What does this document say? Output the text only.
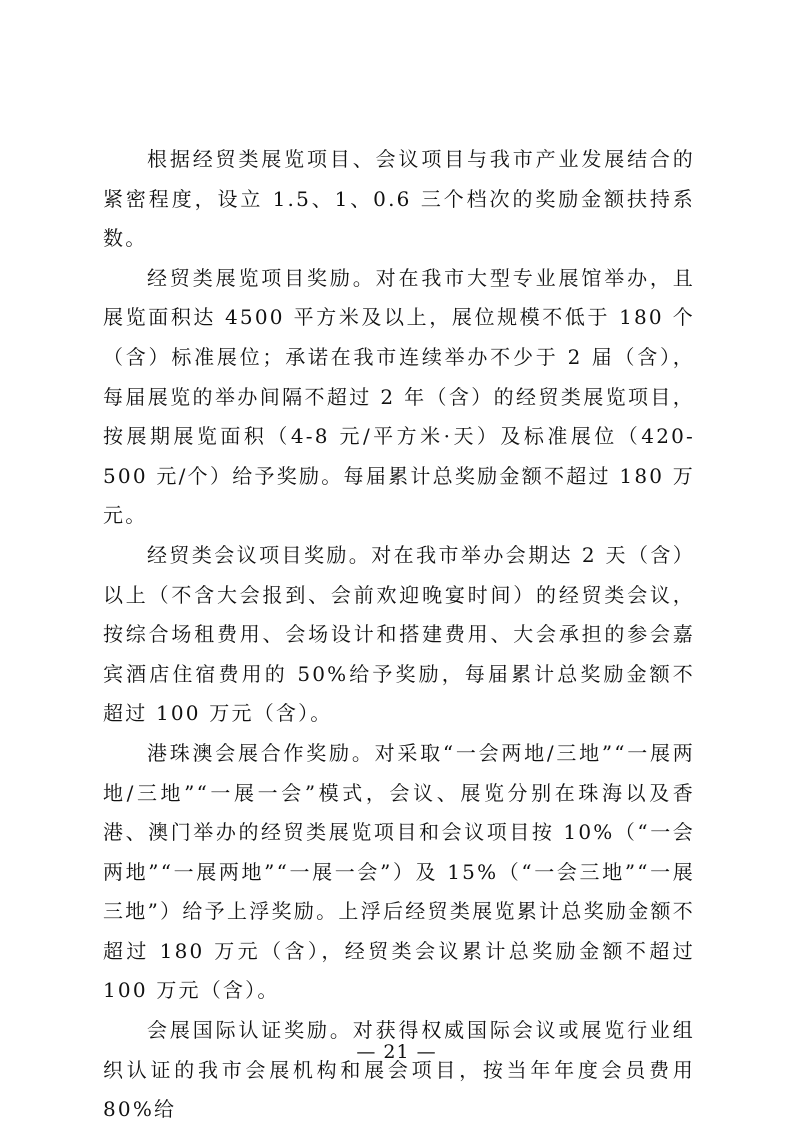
根据经贸类展览项目、会议项目与我市产业发展结合的紧密程度，设立 1.5、1、0.6 三个档次的奖励金额扶持系数。

经贸类展览项目奖励。对在我市大型专业展馆举办，且展览面积达 4500 平方米及以上，展位规模不低于 180 个（含）标准展位；承诺在我市连续举办不少于 2 届（含），每届展览的举办间隔不超过 2 年（含）的经贸类展览项目，按展期展览面积（4-8 元/平方米·天）及标准展位（420-500 元/个）给予奖励。每届累计总奖励金额不超过 180 万元。

经贸类会议项目奖励。对在我市举办会期达 2 天（含）以上（不含大会报到、会前欢迎晚宴时间）的经贸类会议，按综合场租费用、会场设计和搭建费用、大会承担的参会嘉宾酒店住宿费用的 50%给予奖励，每届累计总奖励金额不超过 100 万元（含）。

港珠澳会展合作奖励。对采取“一会两地/三地”“一展两地/三地”“一展一会”模式，会议、展览分别在珠海以及香港、澳门举办的经贸类展览项目和会议项目按 10%（“一会两地”“一展两地”“一展一会”）及 15%（“一会三地”“一展三地”）给予上浮奖励。上浮后经贸类展览累计总奖励金额不超过 180 万元（含），经贸类会议累计总奖励金额不超过 100 万元（含）。

会展国际认证奖励。对获得权威国际会议或展览行业组织认证的我市会展机构和展会项目，按当年年度会员费用 80%给

— 21 —
